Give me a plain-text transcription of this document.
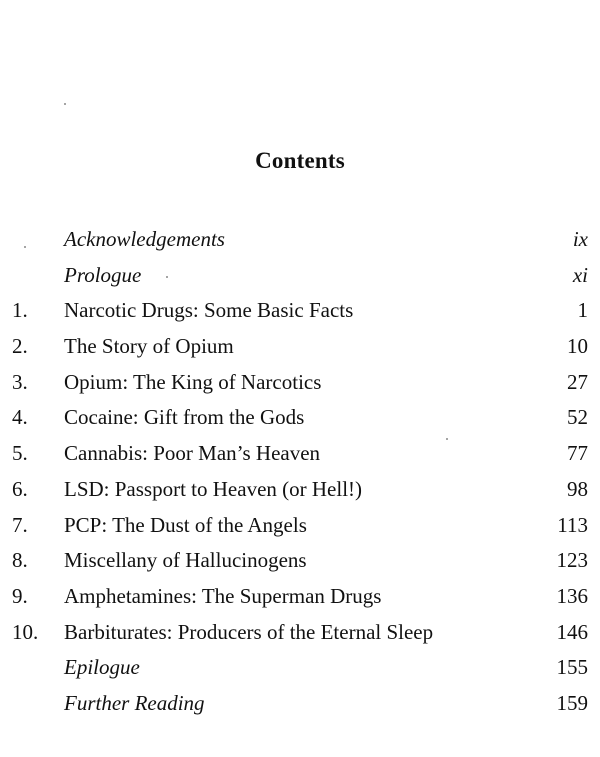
Contents
Acknowledgements	ix
Prologue	xi
1. Narcotic Drugs: Some Basic Facts	1
2. The Story of Opium	10
3. Opium: The King of Narcotics	27
4. Cocaine: Gift from the Gods	52
5. Cannabis: Poor Man’s Heaven	77
6. LSD: Passport to Heaven (or Hell!)	98
7. PCP: The Dust of the Angels	113
8. Miscellany of Hallucinogens	123
9. Amphetamines: The Superman Drugs	136
10. Barbiturates: Producers of the Eternal Sleep	146
Epilogue	155
Further Reading	159
